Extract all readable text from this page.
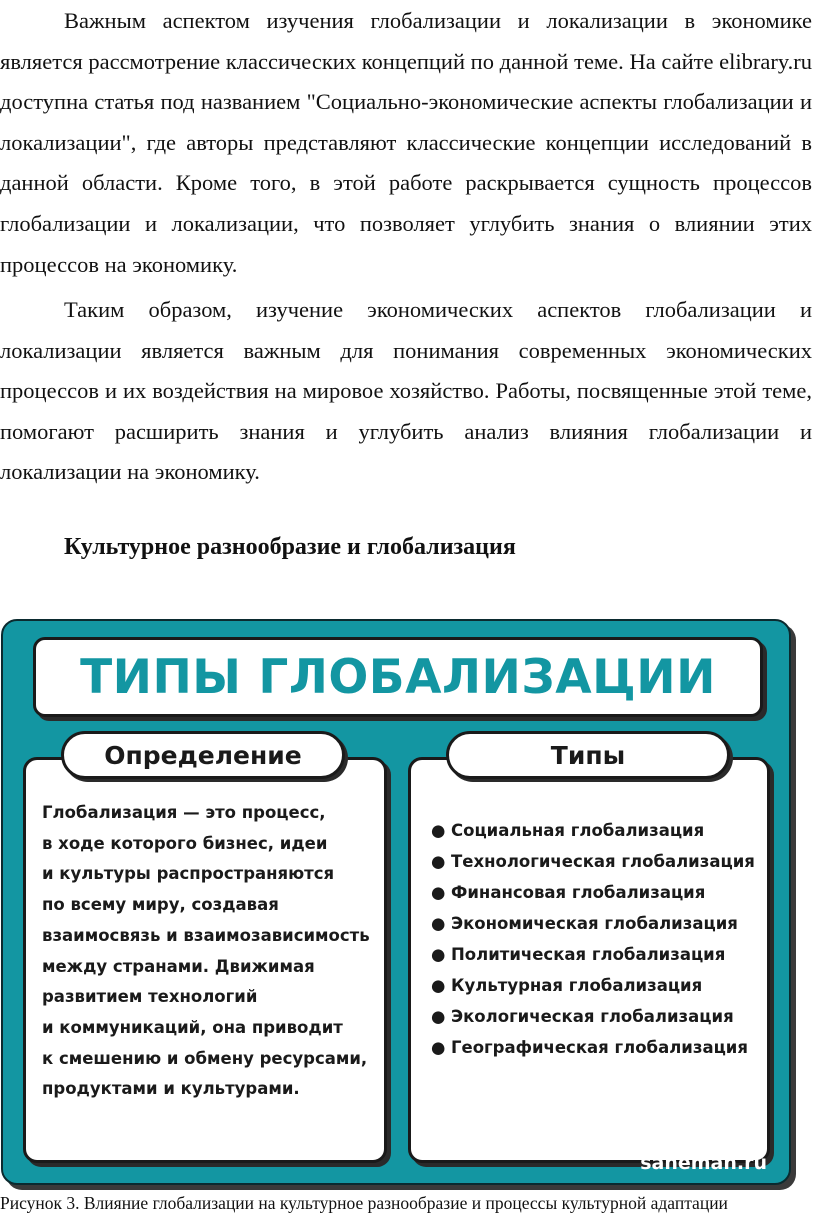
Важным аспектом изучения глобализации и локализации в экономике является рассмотрение классических концепций по данной теме. На сайте elibrary.ru доступна статья под названием "Социально-экономические аспекты глобализации и локализации", где авторы представляют классические концепции исследований в данной области. Кроме того, в этой работе раскрывается сущность процессов глобализации и локализации, что позволяет углубить знания о влиянии этих процессов на экономику.

Таким образом, изучение экономических аспектов глобализации и локализации является важным для понимания современных экономических процессов и их воздействия на мировое хозяйство. Работы, посвященные этой теме, помогают расширить знания и углубить анализ влияния глобализации и локализации на экономику.

Культурное разнообразие и глобализация
ТИПЫ ГЛОБАЛИЗАЦИИ

Глобализация — это процесс,
в ходе которого бизнес, идеи
и культуры распространяются
по всему миру, создавая
взаимосвязь и взаимозависимость
между странами. Движимая
развитием технологий
и коммуникаций, она приводит
к смешению и обмену ресурсами,
продуктами и культурами.

● Социальная глобализация
● Технологическая глобализация
● Финансовая глобализация
● Экономическая глобализация
● Политическая глобализация
● Культурная глобализация
● Экологическая глобализация
● Географическая глобализация
Определение	Типы
saneman.ru

Рисунок 3. Влияние глобализации на культурное разнообразие и процессы культурной адаптации
